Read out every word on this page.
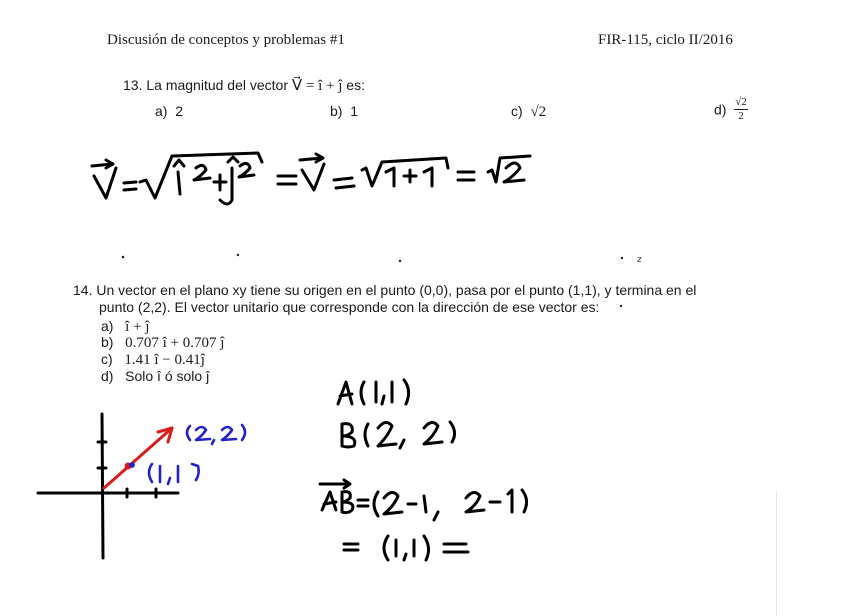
Discusión de conceptos y problemas #1	FIR-115, ciclo II/2016
13. La magnitud del vector V⃗ = î + ĵ es:
a) 2	b) 1	c) √2	$d) \frac{√2}{2}$
14. Un vector en el plano xy tiene su origen en el punto (0,0), pasa por el punto (1,1), y termina en el
punto (2,2). El vector unitario que corresponde con la dirección de ese vector es:
a) î + ĵ
b) 0.707 î + 0.707 ĵ
c) 1.41 î − 0.41ĵ
d) Solo î ó solo ĵ
z
